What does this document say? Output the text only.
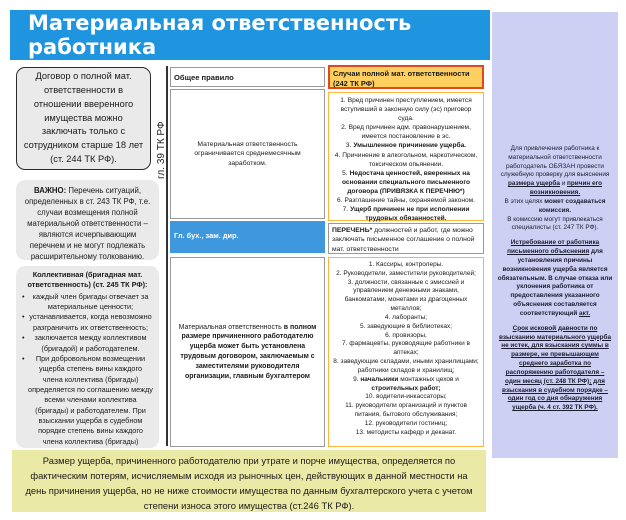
Материальная ответственность работника

Для привлечения работника к материальной ответственности работодатель ОБЯЗАН провести служебную проверку для выяснения размера ущерба и причин его возникновения.
В этих целях может создаваться комиссия.
В комиссию могут привлекаться специалисты (ст. 247 ТК РФ).

Истребование от работника письменного объяснения для установления причины возникновения ущерба является обязательным. В случае отказа или уклонения работника от предоставления указанного объяснения составляется соответствующий акт.

Срок исковой давности по взысканию материального ущерба не истек, для взыскания суммы в размере, не превышающем среднего заработка по распоряжению работодателя – один месяц (ст. 248 ТК РФ); для взыскания в судебном порядке – один год со дня обнаружения ущерба (ч. 4 ст. 392 ТК РФ).

Договор о полной мат. ответственности в отношении вверенного имущества можно заключать только с сотрудником старше 18 лет (ст. 244 ТК РФ).
ВАЖНО: Перечень ситуаций, определенных в ст. 243 ТК РФ, т.е. случаи возмещения полной материальной ответственности – являются исчерпывающим перечнем и не могут подлежать расширительному толкованию.
Коллективная (бригадная мат. ответственность) (ст. 245 ТК РФ):
• каждый член бригады отвечает за материальные ценности;
• устанавливается, когда невозможно разграничить их ответственность;
• заключается между коллективом (бригадой) и работодателем.
• При добровольном возмещении ущерба степень вины каждого члена коллектива (бригады) определяется по соглашению между всеми членами коллектива (бригады) и работодателем. При взыскании ущерба в судебном порядке степень вины каждого члена коллектива (бригады)
гл. 39 ТК РФ
Общее правило	Случаи полной мат. ответственности (242 ТК РФ)
Материальная ответственность ограничивается среднемесячным заработком.
1. Вред причинен преступлением, имеется вступивший в законную силу (эс) приговор суда.
2. Вред причинен адм. правонарушением, имеется постановление в эс.
3. Умышленное причинение ущерба.
4. Причинение в алкогольном, наркотическом, токсическом опьянении.
5. Недостача ценностей, вверенных на основании специального письменного договора (ПРИВЯЗКА К ПЕРЕЧНЮ*)
6. Разглашение тайны, охраняемой законом.
7. Ущерб причинен не при исполнении трудовых обязанностей.
Гл. бух., зам. дир.
ПЕРЕЧЕНЬ* должностей и работ, где можно заключать письменное соглашение о полной мат. ответственности
Материальная ответственность в полном размере причиненного работодателю ущерба может быть установлена трудовым договором, заключаемым с заместителями руководителя организации, главным бухгалтером
1. Кассиры, контролеры.
2. Руководители, заместители руководителей;
3. должности, связанные с эмиссией и управлением денежными знаками, банкоматами, монетами из драгоценных металлов;
4. лаборанты;
5. заведующие в библиотеках;
6. провизоры,
7. фармацевты, руководящие работники в аптеках;
8. заведующие складами, иными хранилищами; работники складов и хранилищ;
9. начальники монтажных цехов и
строительных работ;
10. водители-инкассаторы;
11. руководители организаций и пунктов питания, бытового обслуживания;
12. руководители гостиниц;
13. методисты кафедр и деканат.
Размер ущерба, причиненного работодателю при утрате и порче имущества, определяется по фактическим потерям, исчисляемым исходя из рыночных цен, действующих в данной местности на день причинения ущерба, но не ниже стоимости имущества по данным бухгалтерского учета с учетом степени износа этого имущества (ст.246 ТК РФ).
